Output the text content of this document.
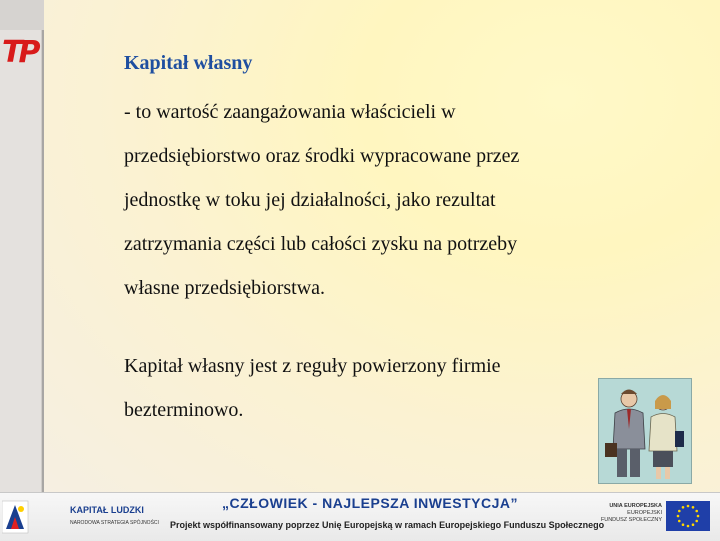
TP	Kapitał własny

- to wartość zaangażowania właścicieli w
przedsiębiorstwo oraz środki wypracowane przez
jednostkę w toku jej działalności, jako rezultat
zatrzymania części lub całości zysku na potrzeby
własne przedsiębiorstwa.

Kapitał własny jest z reguły powierzony firmie
bezterminowo.

KAPITAŁ LUDZKI
NARODOWA STRATEGIA SPÓJNOŚCI
„CZŁOWIEK - NAJLEPSZA INWESTYCJA”
Projekt współfinansowany poprzez Unię Europejską w ramach Europejskiego Funduszu Społecznego
UNIA EUROPEJSKA
EUROPEJSKI
FUNDUSZ SPOŁECZNY
